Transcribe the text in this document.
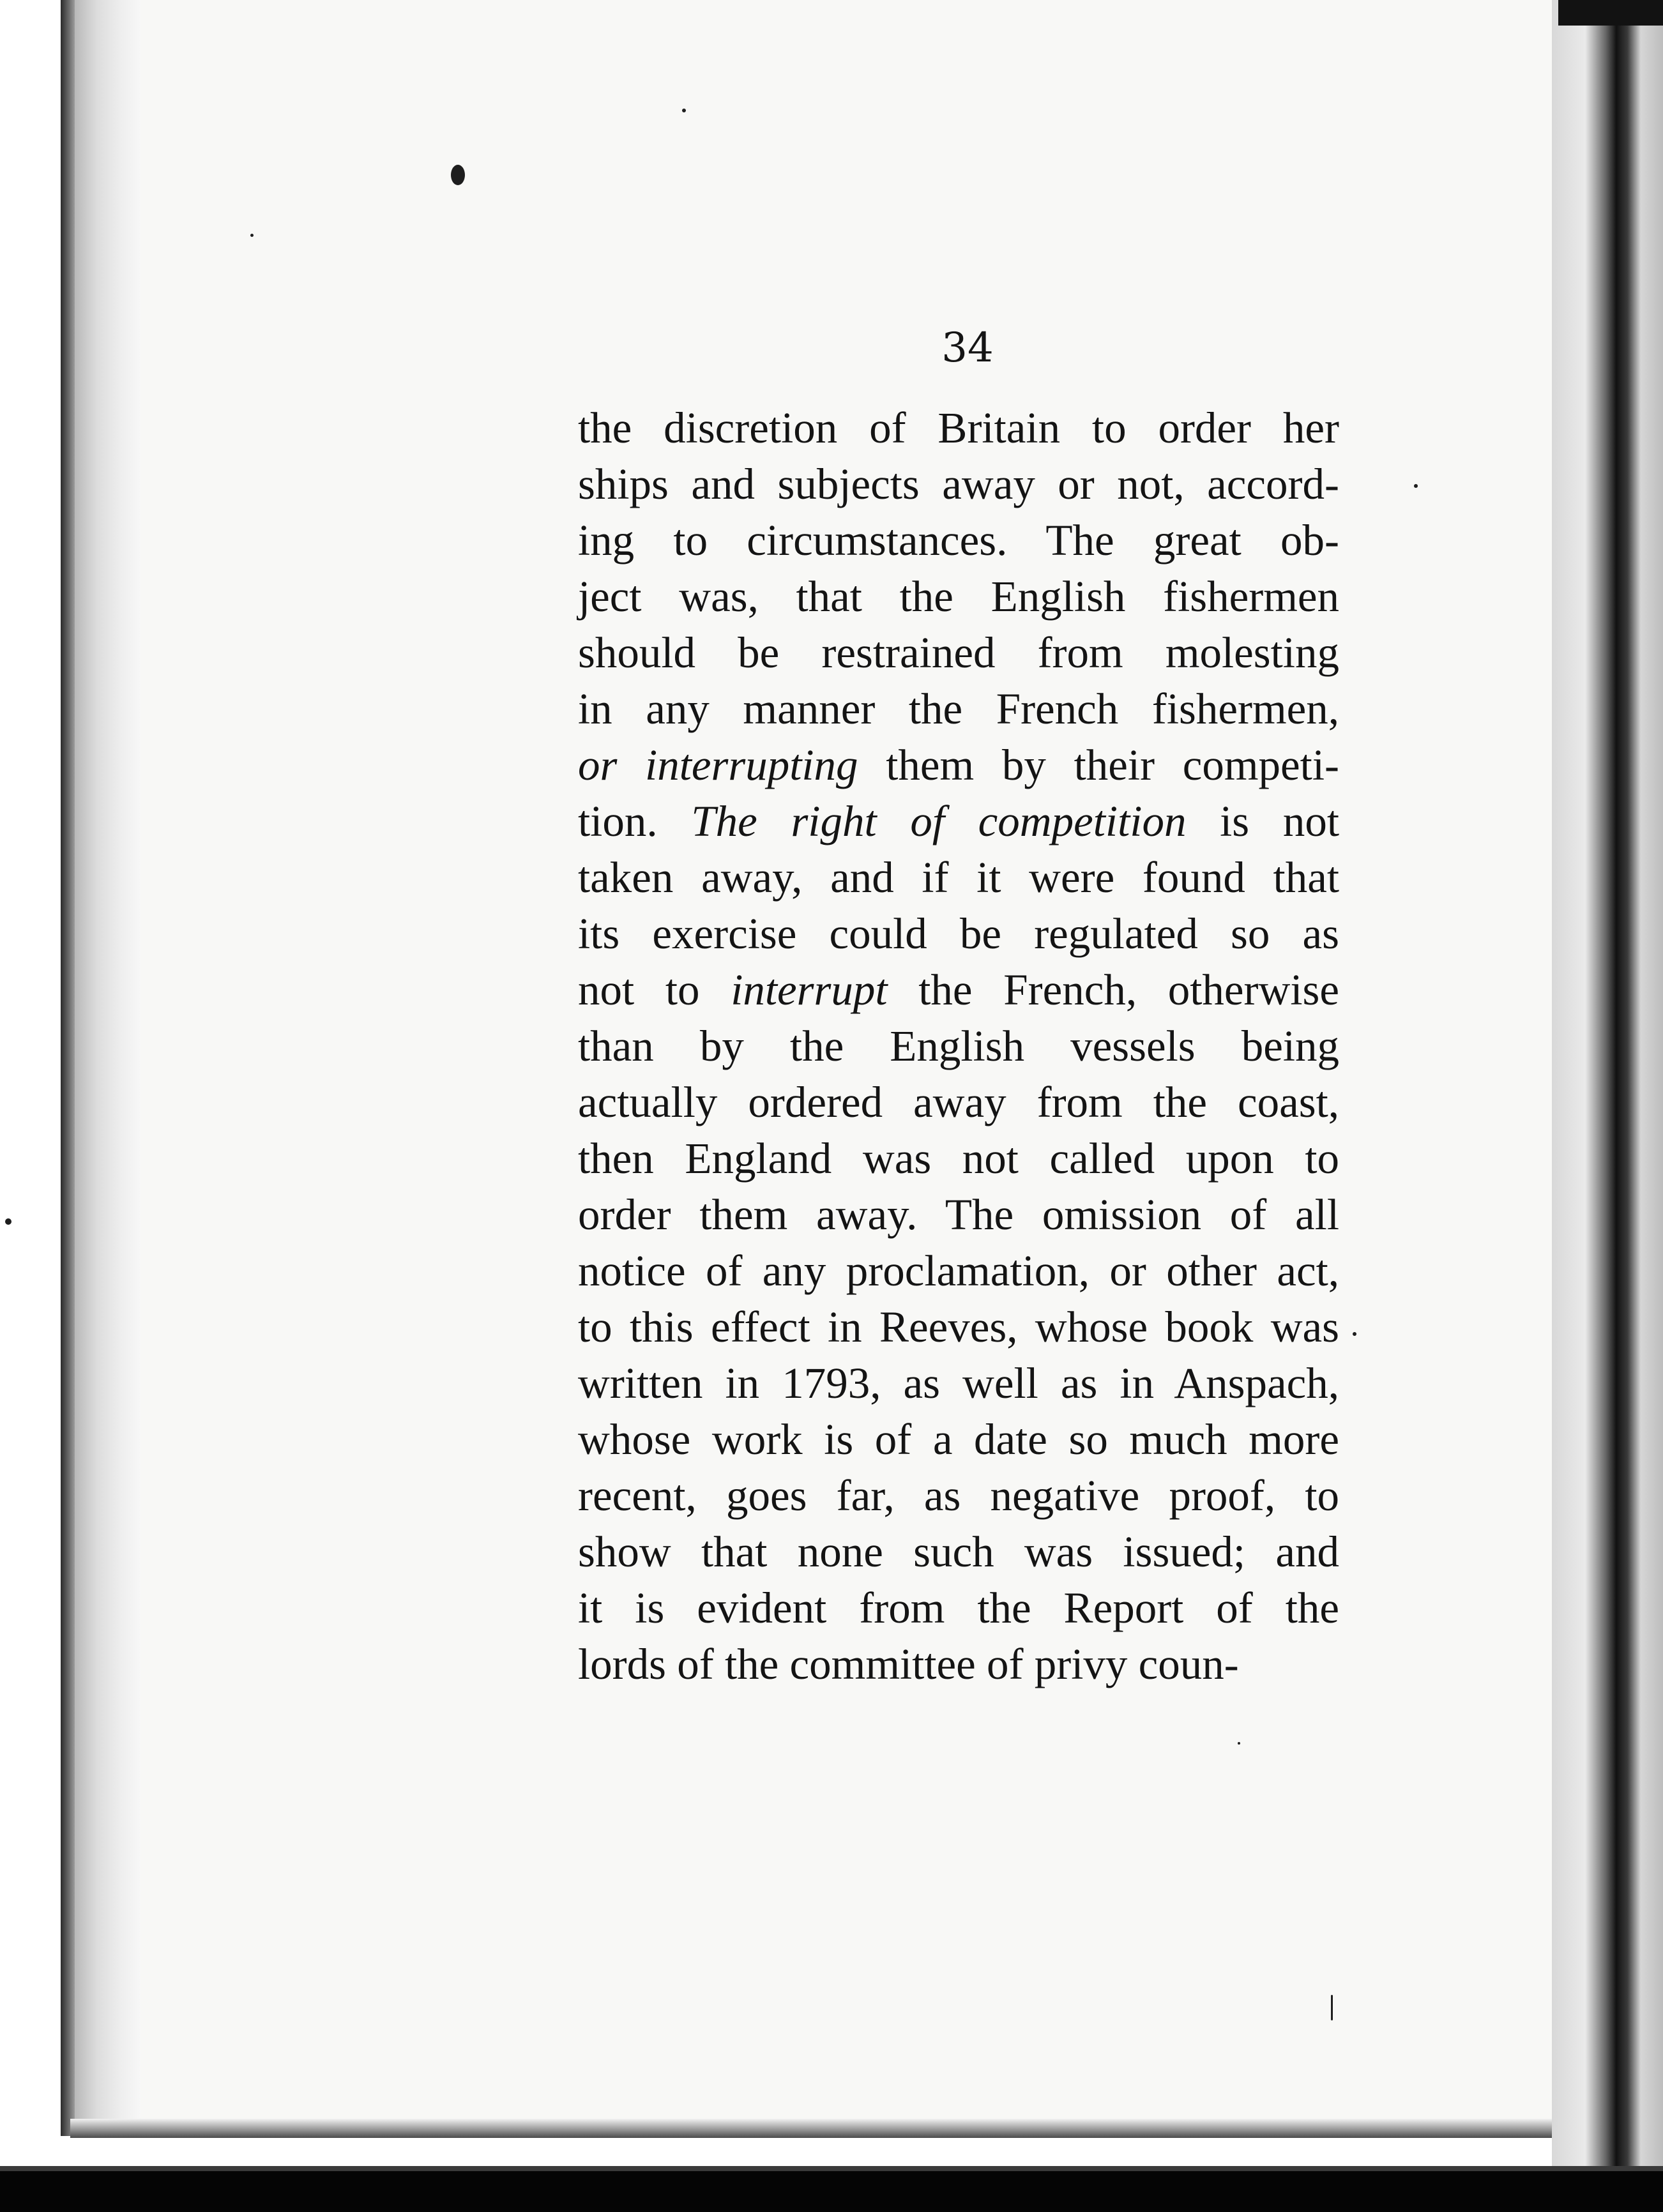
34
the discretion of Britain to order her
ships and subjects away or not, accord-
ing to circumstances. The great ob-
ject was, that the English fishermen
should be restrained from molesting
in any manner the French fishermen,
or interrupting them by their competi-
tion. The right of competition is not
taken away, and if it were found that
its exercise could be regulated so as
not to interrupt the French, otherwise
than by the English vessels being
actually ordered away from the coast,
then England was not called upon to
order them away. The omission of all
notice of any proclamation, or other act,
to this effect in Reeves, whose book was
written in 1793, as well as in Anspach,
whose work is of a date so much more
recent, goes far, as negative proof, to
show that none such was issued; and
it is evident from the Report of the
lords of the committee of privy coun-
